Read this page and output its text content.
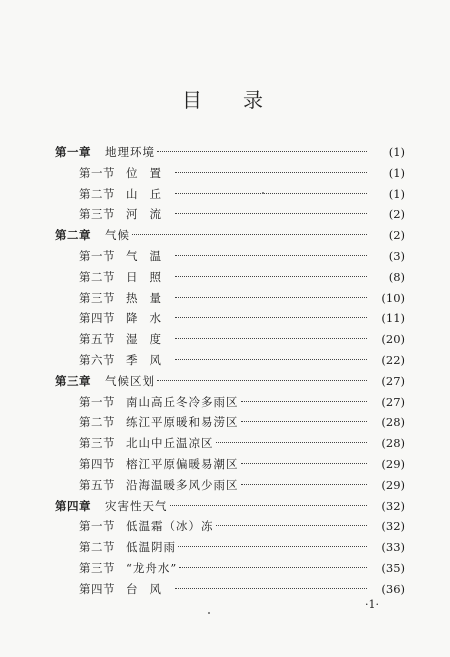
目 录
第一章	地理环境	(1)
第一节 位置	(1)
第二节 山丘	(1)
第三节 河流	(2)
第二章	气候	(2)
第一节 气温	(3)
第二节 日照	(8)
第三节 热量	(10)
第四节 降水	(11)
第五节 湿度	(20)
第六节 季风	(22)
第三章	气候区划	(27)
第一节 南山高丘冬冷多雨区	(27)
第二节 练江平原暖和易涝区	(28)
第三节 北山中丘温凉区	(28)
第四节 榕江平原偏暖易潮区	(29)
第五节 沿海温暖多风少雨区	(29)
第四章	灾害性天气	(32)
第一节 低温霜（冰）冻	(32)
第二节 低温阴雨	(33)
第三节 “龙舟水”	(35)
第四节 台风	(36)
·1·
